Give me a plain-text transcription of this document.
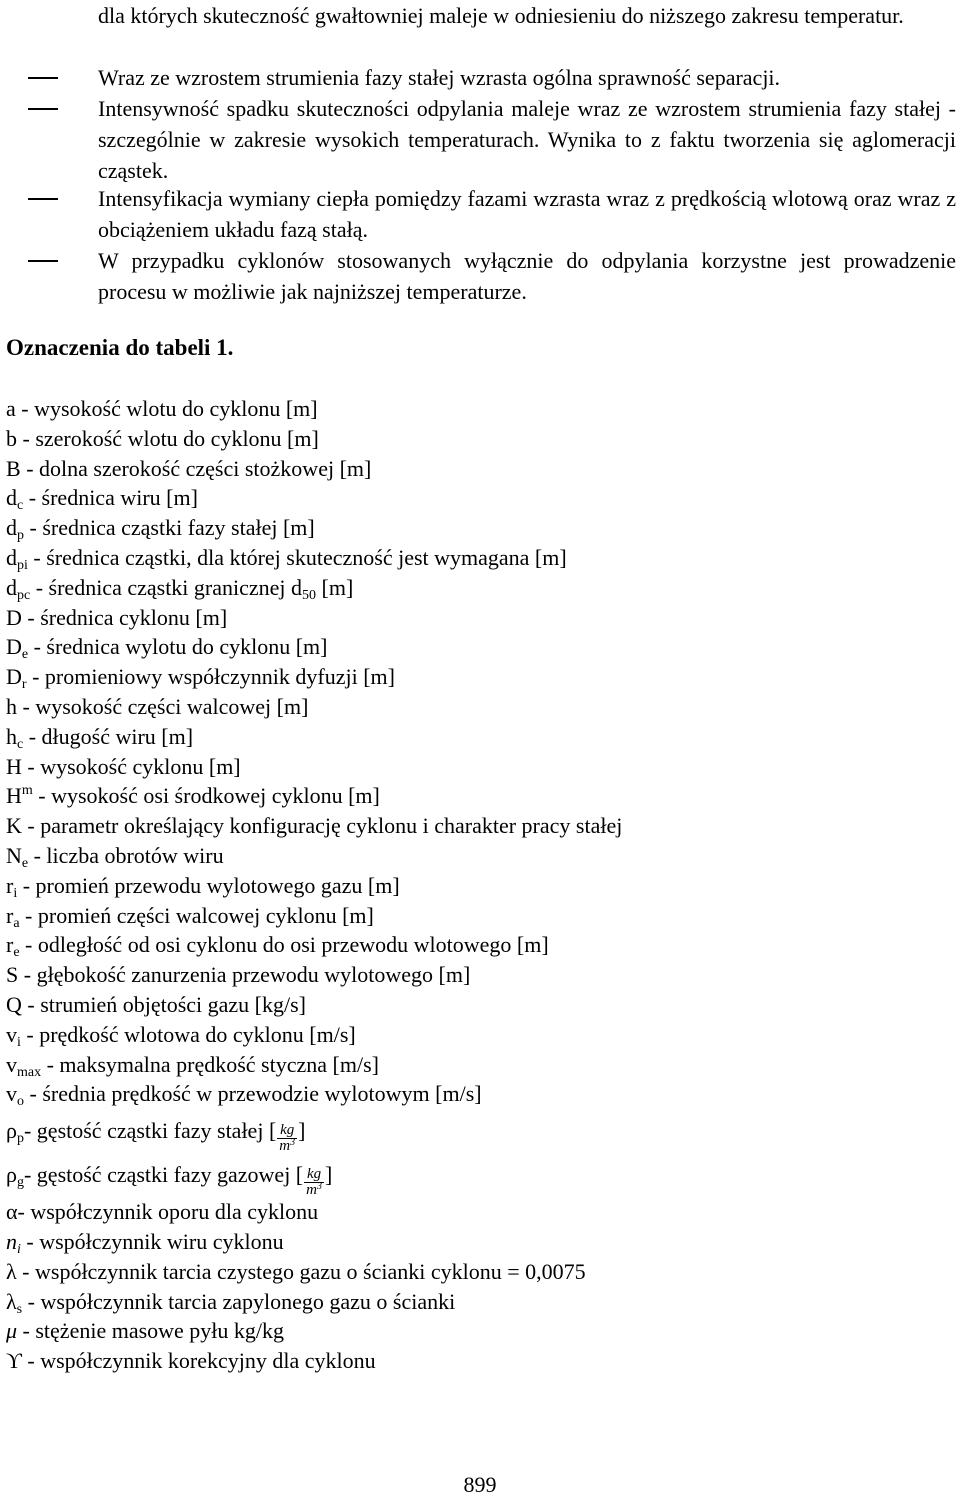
dla których skuteczność gwałtowniej maleje w odniesieniu do niższego zakresu temperatur.

Wraz ze wzrostem strumienia fazy stałej wzrasta ogólna sprawność separacji.

Intensywność spadku skuteczności odpylania maleje wraz ze wzrostem strumienia fazy stałej - szczególnie w zakresie wysokich temperaturach. Wynika to z faktu tworzenia się aglomeracji cząstek.

Intensyfikacja wymiany ciepła pomiędzy fazami wzrasta wraz z prędkością wlotową oraz wraz z obciążeniem układu fazą stałą.

W przypadku cyklonów stosowanych wyłącznie do odpylania korzystne jest prowadzenie procesu w możliwie jak najniższej temperaturze.

Oznaczenia do tabeli 1.
a - wysokość wlotu do cyklonu [m]
b - szerokość wlotu do cyklonu [m]
B - dolna szerokość części stożkowej [m]
$d_c$ - średnica wiru [m]
$d_p$ - średnica cząstki fazy stałej [m]
$d_{pi}$ - średnica cząstki, dla której skuteczność jest wymagana [m]
$d_{pc}$ - średnica cząstki granicznej $d_{50}$ [m]
D - średnica cyklonu [m]
$D_e$ - średnica wylotu do cyklonu [m]
$D_r$ - promieniowy współczynnik dyfuzji [m]
h - wysokość części walcowej [m]
$h_c$ - długość wiru [m]
H - wysokość cyklonu [m]
$H^m$ - wysokość osi środkowej cyklonu [m]
K - parametr określający konfigurację cyklonu i charakter pracy stałej
$N_e$ - liczba obrotów wiru
$r_i$ - promień przewodu wylotowego gazu [m]
$r_a$ - promień części walcowej cyklonu [m]
$r_e$ - odległość od osi cyklonu do osi przewodu wlotowego [m]
S - głębokość zanurzenia przewodu wylotowego [m]
Q - strumień objętości gazu [kg/s]
$v_i$ - prędkość wlotowa do cyklonu [m/s]
$v_{max}$ - maksymalna prędkość styczna [m/s]
$v_o$ - średnia prędkość w przewodzie wylotowym [m/s]
$\rho_p-$ gęstość cząstki fazy stałej [ $\frac{kg}{m^3}$ ]
$\rho_g-$ gęstość cząstki fazy gazowej [ $\frac{kg}{m^3}$ ]
α- współczynnik oporu dla cyklonu
$n_i$ - współczynnik wiru cyklonu
λ - współczynnik tarcia czystego gazu o ścianki cyklonu = 0,0075
$\lambda_s$ - współczynnik tarcia zapylonego gazu o ścianki
μ - stężenie masowe pyłu kg/kg
ϒ - współczynnik korekcyjny dla cyklonu
899
